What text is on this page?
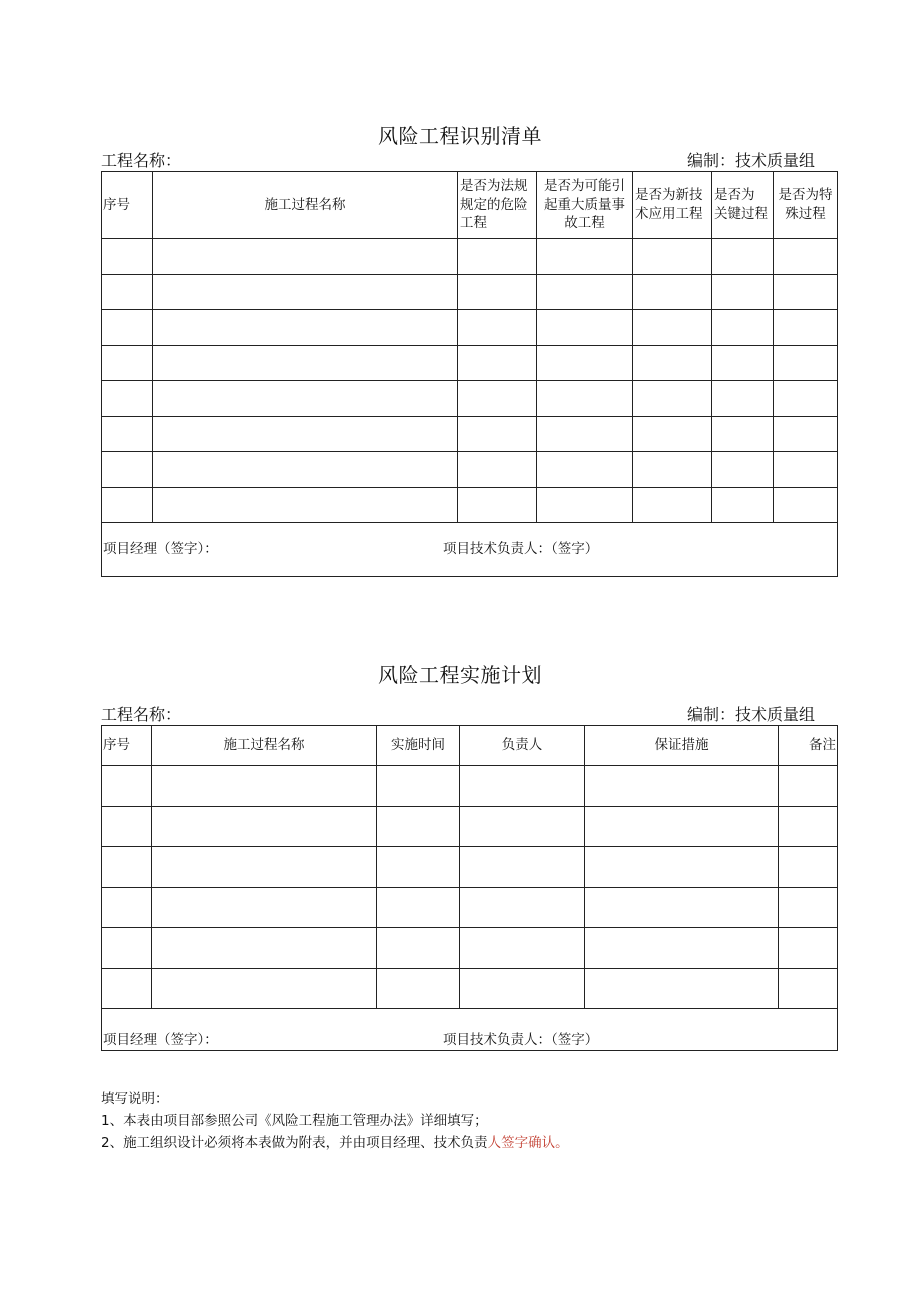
风险工程识别清单
工程名称：	编制：技术质量组
序号	施工过程名称	是否为法规规定的危险工程	是否为可能引起重大质量事故工程	是否为新技术应用工程	是否为 关键过程	是否为特 殊过程

项目经理（签字）： 项目技术负责人：（签字）						
风险工程实施计划
工程名称：	编制：技术质量组
序号	施工过程名称	实施时间	负责人	保证措施	备注

项目经理（签字）： 项目技术负责人：（签字）					
填写说明：
1、本表由项目部参照公司《风险工程施工管理办法》详细填写；
2、施工组织设计必须将本表做为附表，并由项目经理、技术负责人签字确认。
